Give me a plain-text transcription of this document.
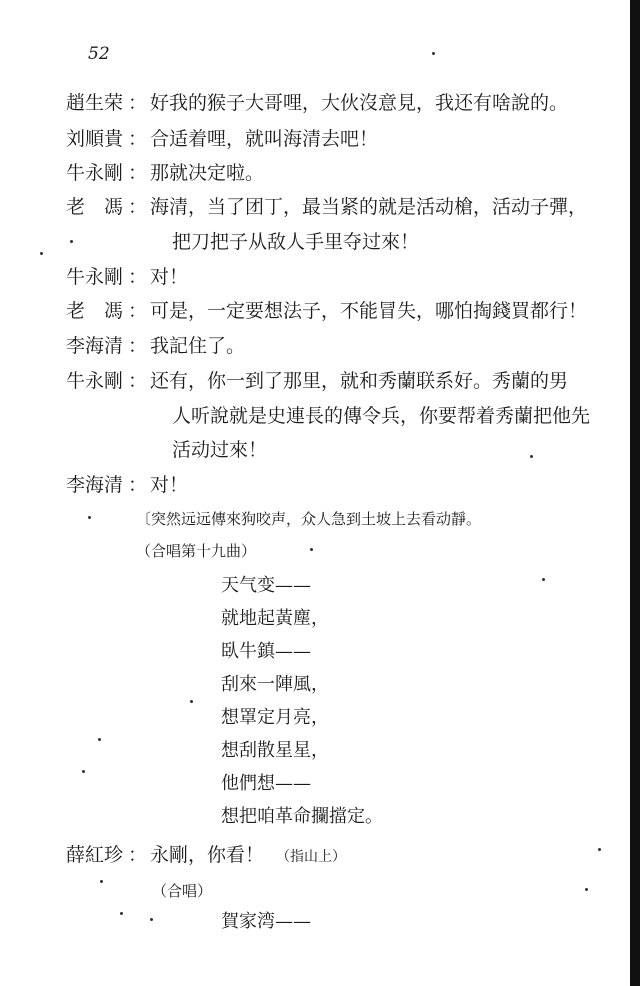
52
趙生荣 ： 好我的猴子大哥哩，大伙沒意見，我还有啥說的。
刘順貴 ： 合适着哩，就叫海清去吧！
牛永剛 ： 那就决定啦。
老　馮 ： 海清，当了团丁，最当紧的就是活动槍，活动子彈，
把刀把子从敌人手里夺过來！
牛永剛 ： 对！
老　馮 ： 可是，一定要想法子，不能冒失，哪怕掏錢買都行！
李海清 ： 我記住了。
牛永剛 ： 还有，你一到了那里，就和秀蘭联系好。秀蘭的男
人听說就是史連長的傳令兵，你要帮着秀蘭把他先
活动过來！
李海清 ： 对！
〔突然远远傳來狗咬声，众人急到土坡上去看动靜。
（合唱第十九曲）
天气变——
就地起黃塵，
臥牛鎮——
刮來一陣風，
想罩定月亮，
想刮散星星，
他們想——
想把咱革命攔擋定。
薛紅珍 ： 永剛，你看！　 （指山上）
（合唱）
賀家湾——
